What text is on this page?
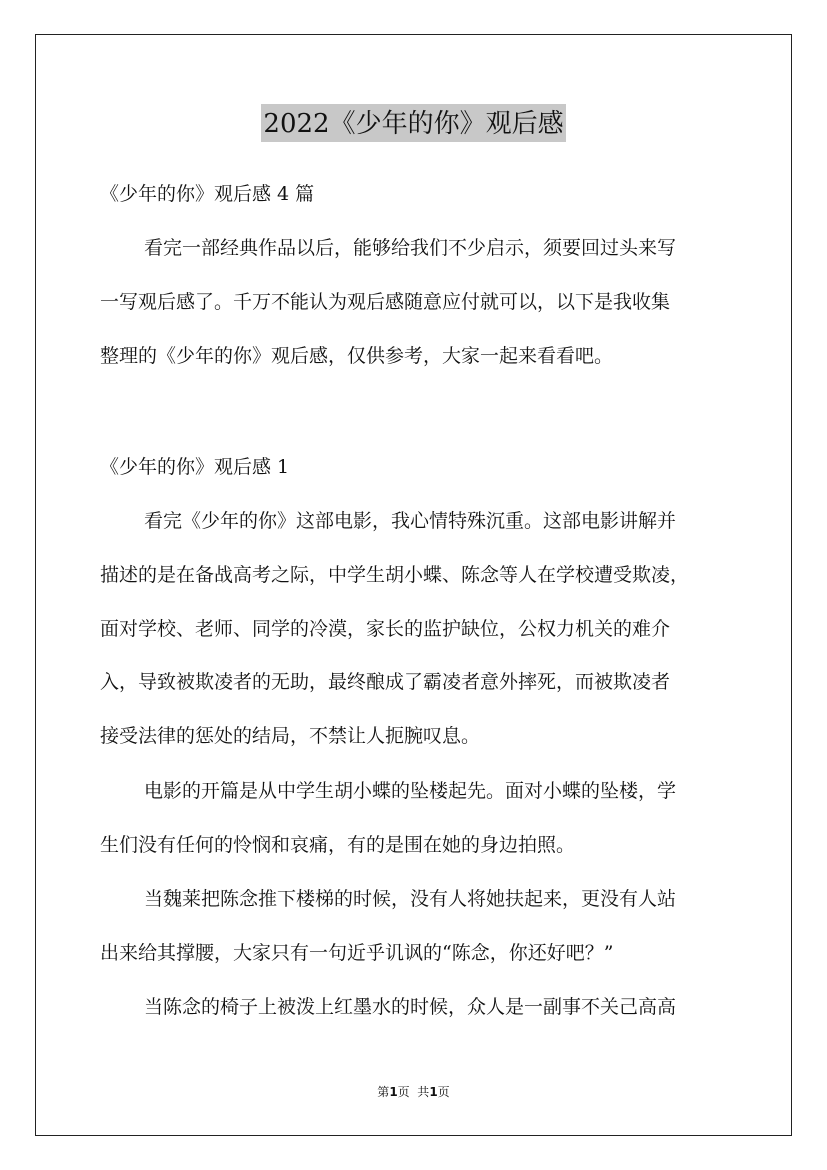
2022《少年的你》观后感
《少年的你》观后感 4 篇
看完一部经典作品以后，能够给我们不少启示，须要回过头来写
一写观后感了。千万不能认为观后感随意应付就可以，以下是我收集
整理的《少年的你》观后感，仅供参考，大家一起来看看吧。
《少年的你》观后感 1
看完《少年的你》这部电影，我心情特殊沉重。这部电影讲解并
描述的是在备战高考之际，中学生胡小蝶、陈念等人在学校遭受欺凌，
面对学校、老师、同学的冷漠，家长的监护缺位，公权力机关的难介
入，导致被欺凌者的无助，最终酿成了霸凌者意外摔死，而被欺凌者
接受法律的惩处的结局，不禁让人扼腕叹息。
电影的开篇是从中学生胡小蝶的坠楼起先。面对小蝶的坠楼，学
生们没有任何的怜悯和哀痛，有的是围在她的身边拍照。
当魏莱把陈念推下楼梯的时候，没有人将她扶起来，更没有人站
出来给其撑腰，大家只有一句近乎讥讽的“陈念，你还好吧？”
当陈念的椅子上被泼上红墨水的时候，众人是一副事不关己高高
第1页  共1页
